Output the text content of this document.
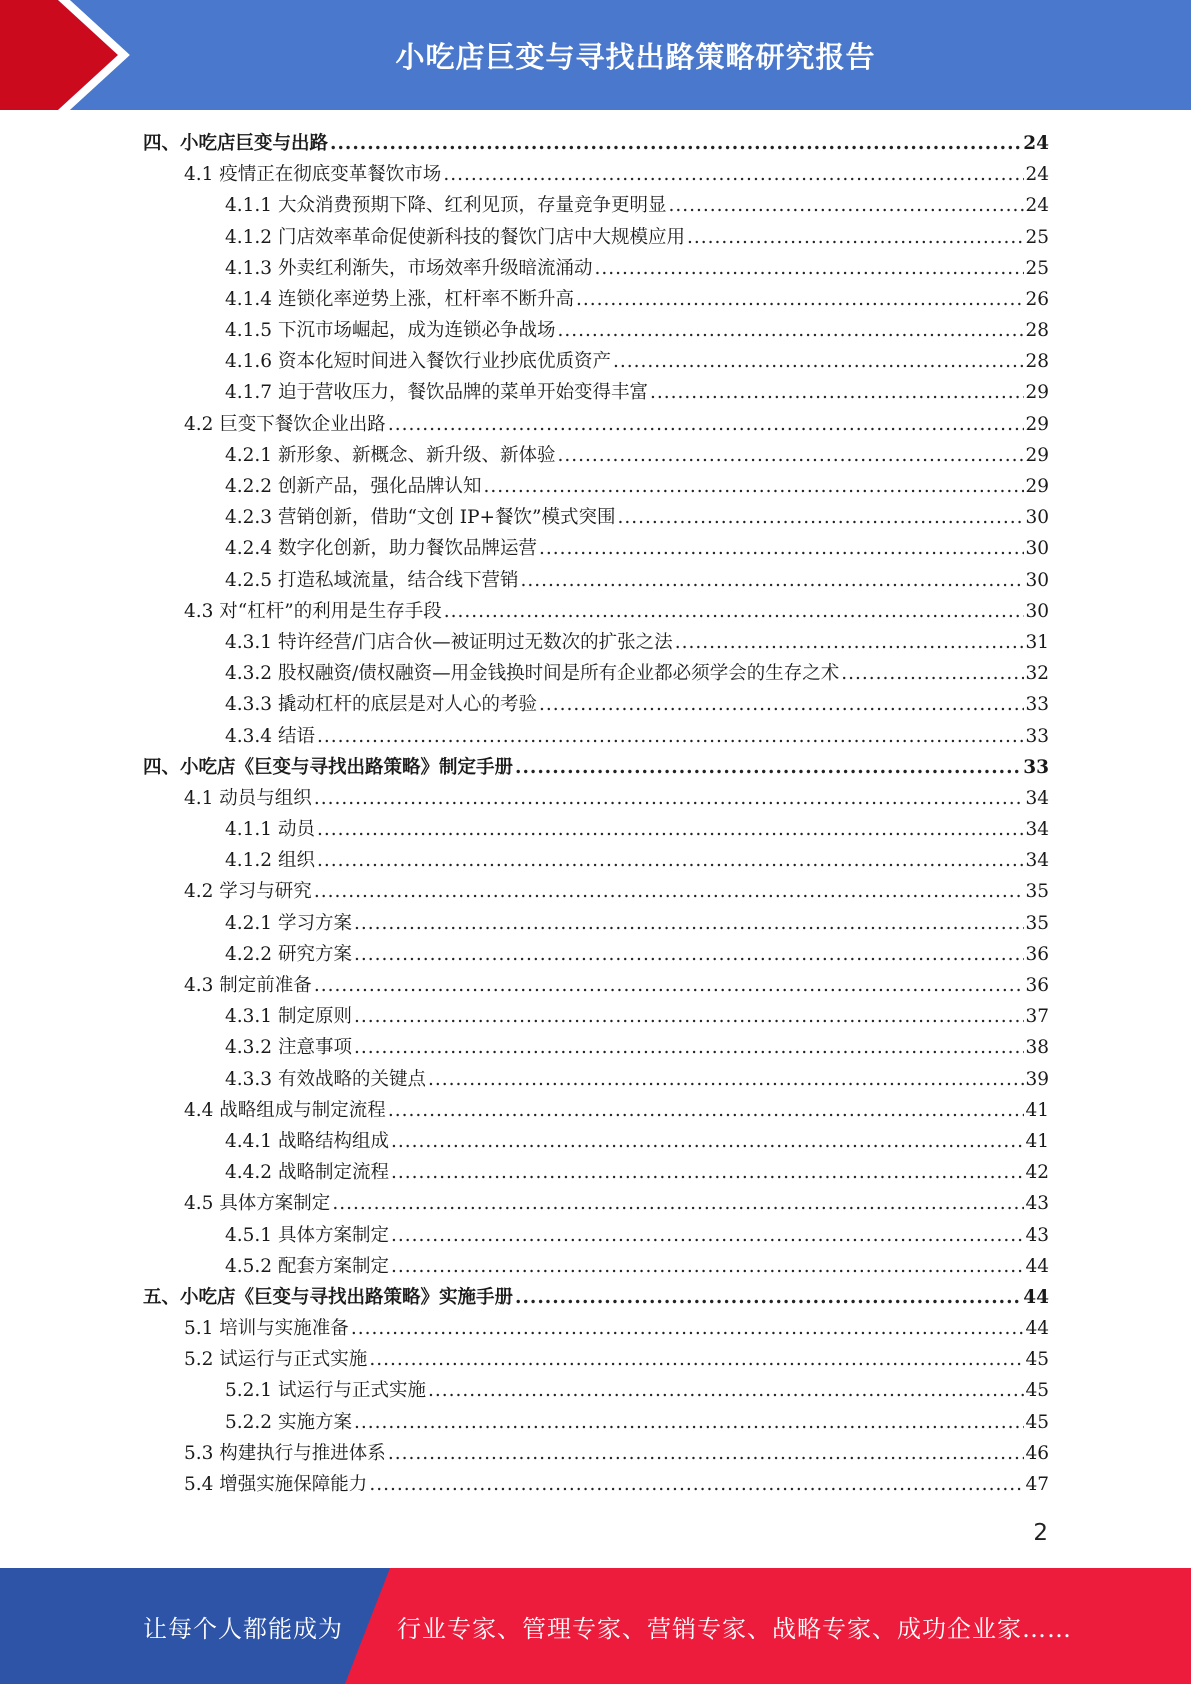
小吃店巨变与寻找出路策略研究报告
四、小吃店巨变与出路 .....	24
4.1 疫情正在彻底变革餐饮市场 .....	24
4.1.1 大众消费预期下降、红利见顶，存量竞争更明显 .....	24
4.1.2 门店效率革命促使新科技的餐饮门店中大规模应用 .....	25
4.1.3 外卖红利渐失，市场效率升级暗流涌动 .....	25
4.1.4 连锁化率逆势上涨，杠杆率不断升高 .....	26
4.1.5 下沉市场崛起，成为连锁必争战场 .....	28
4.1.6 资本化短时间进入餐饮行业抄底优质资产 .....	28
4.1.7 迫于营收压力，餐饮品牌的菜单开始变得丰富 .....	29
4.2 巨变下餐饮企业出路 .....	29
4.2.1 新形象、新概念、新升级、新体验 .....	29
4.2.2 创新产品，强化品牌认知 .....	29
4.2.3 营销创新，借助“文创 IP+餐饮”模式突围 .....	30
4.2.4 数字化创新，助力餐饮品牌运营 .....	30
4.2.5 打造私域流量，结合线下营销 .....	30
4.3 对“杠杆”的利用是生存手段 .....	30
4.3.1 特许经营/门店合伙—被证明过无数次的扩张之法 .....	31
4.3.2 股权融资/债权融资—用金钱换时间是所有企业都必须学会的生存之术 .....	32
4.3.3 撬动杠杆的底层是对人心的考验 .....	33
4.3.4 结语 .....	33
四、小吃店《巨变与寻找出路策略》制定手册 .....	33
4.1 动员与组织 .....	34
4.1.1 动员 .....	34
4.1.2 组织 .....	34
4.2 学习与研究 .....	35
4.2.1 学习方案 .....	35
4.2.2 研究方案 .....	36
4.3 制定前准备 .....	36
4.3.1 制定原则 .....	37
4.3.2 注意事项 .....	38
4.3.3 有效战略的关键点 .....	39
4.4 战略组成与制定流程 .....	41
4.4.1 战略结构组成 .....	41
4.4.2 战略制定流程 .....	42
4.5 具体方案制定 .....	43
4.5.1 具体方案制定 .....	43
4.5.2 配套方案制定 .....	44
五、小吃店《巨变与寻找出路策略》实施手册 .....	44
5.1 培训与实施准备 .....	44
5.2 试运行与正式实施 .....	45
5.2.1 试运行与正式实施 .....	45
5.2.2 实施方案 .....	45
5.3 构建执行与推进体系 .....	46
5.4 增强实施保障能力 .....	47
2
让每个人都能成为 行业专家、管理专家、营销专家、战略专家、成功企业家……
